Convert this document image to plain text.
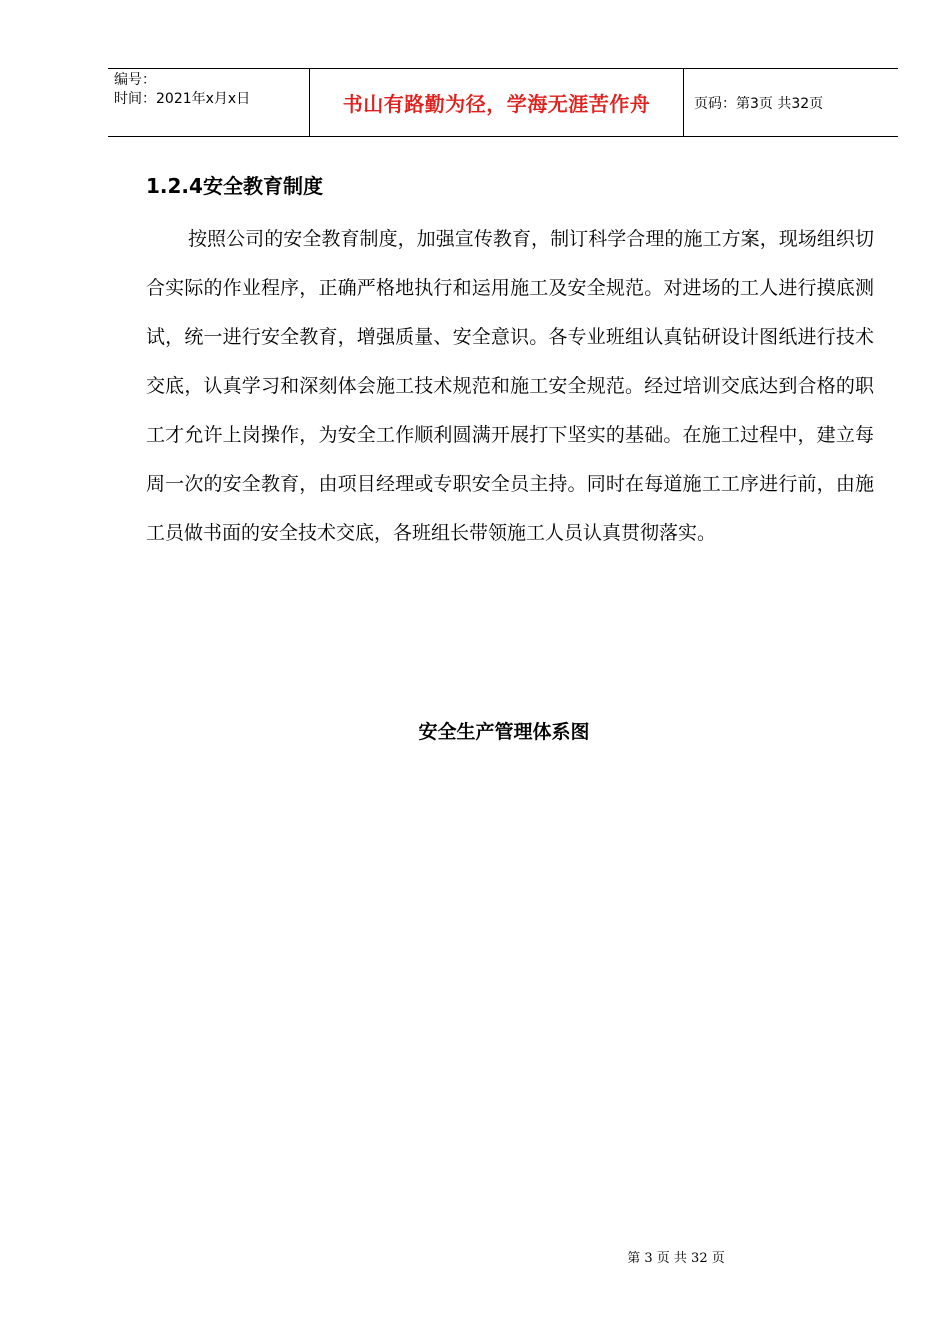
编号：
时间：2021年x月x日	书山有路勤为径，学海无涯苦作舟	页码：第3页 共32页
1.2.4安全教育制度

按照公司的安全教育制度，加强宣传教育，制订科学合理的施工方案，现场组织切合实际的作业程序，正确严格地执行和运用施工及安全规范。对进场的工人进行摸底测试，统一进行安全教育，增强质量、安全意识。各专业班组认真钻研设计图纸进行技术交底，认真学习和深刻体会施工技术规范和施工安全规范。经过培训交底达到合格的职工才允许上岗操作，为安全工作顺利圆满开展打下坚实的基础。在施工过程中，建立每周一次的安全教育，由项目经理或专职安全员主持。同时在每道施工工序进行前，由施工员做书面的安全技术交底，各班组长带领施工人员认真贯彻落实。

安全生产管理体系图
第 3 页 共 32 页
